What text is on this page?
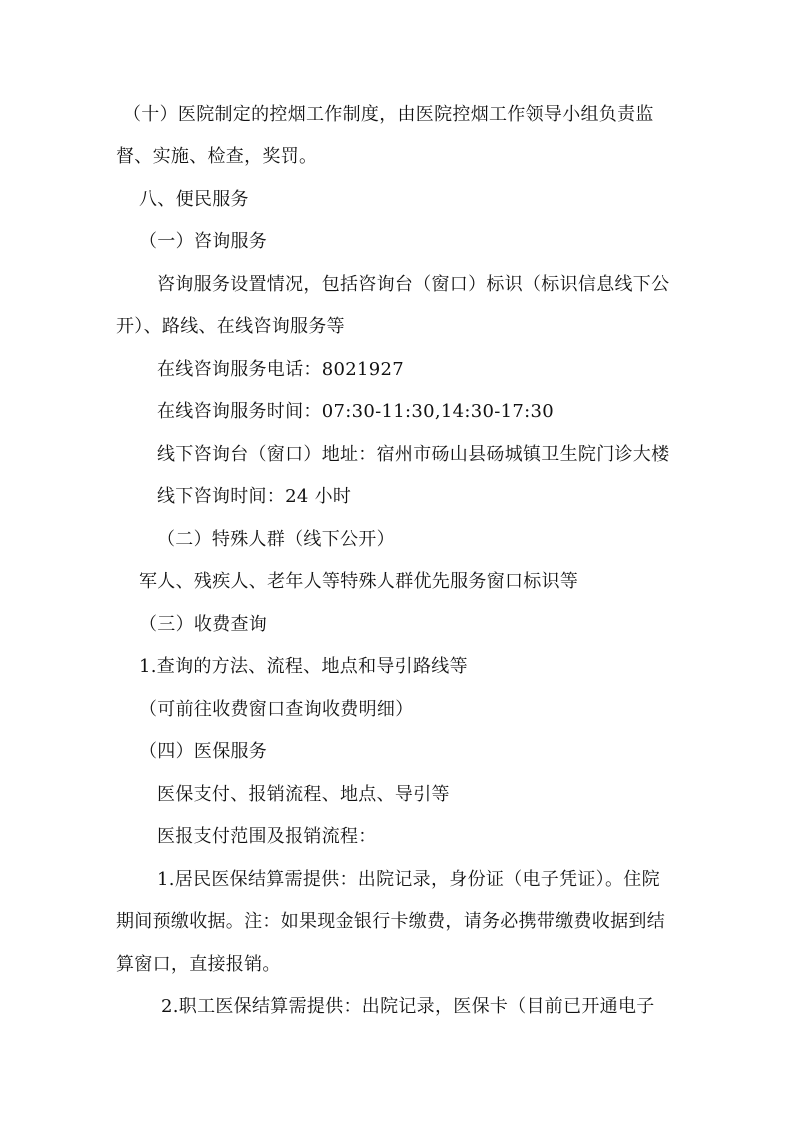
（十）医院制定的控烟工作制度，由医院控烟工作领导小组负责监
督、实施、检查，奖罚。
八、便民服务
（一）咨询服务
咨询服务设置情况，包括咨询台（窗口）标识（标识信息线下公
开）、路线、在线咨询服务等
在线咨询服务电话：8021927
在线咨询服务时间：07:30-11:30,14:30-17:30
线下咨询台（窗口）地址：宿州市砀山县砀城镇卫生院门诊大楼
线下咨询时间：24 小时
（二）特殊人群（线下公开）
军人、残疾人、老年人等特殊人群优先服务窗口标识等
（三）收费查询
1.查询的方法、流程、地点和导引路线等
（可前往收费窗口查询收费明细）
（四）医保服务
医保支付、报销流程、地点、导引等
医报支付范围及报销流程：
1.居民医保结算需提供：出院记录，身份证（电子凭证）。住院
期间预缴收据。注：如果现金银行卡缴费，请务必携带缴费收据到结
算窗口，直接报销。
2.职工医保结算需提供：出院记录，医保卡（目前已开通电子
